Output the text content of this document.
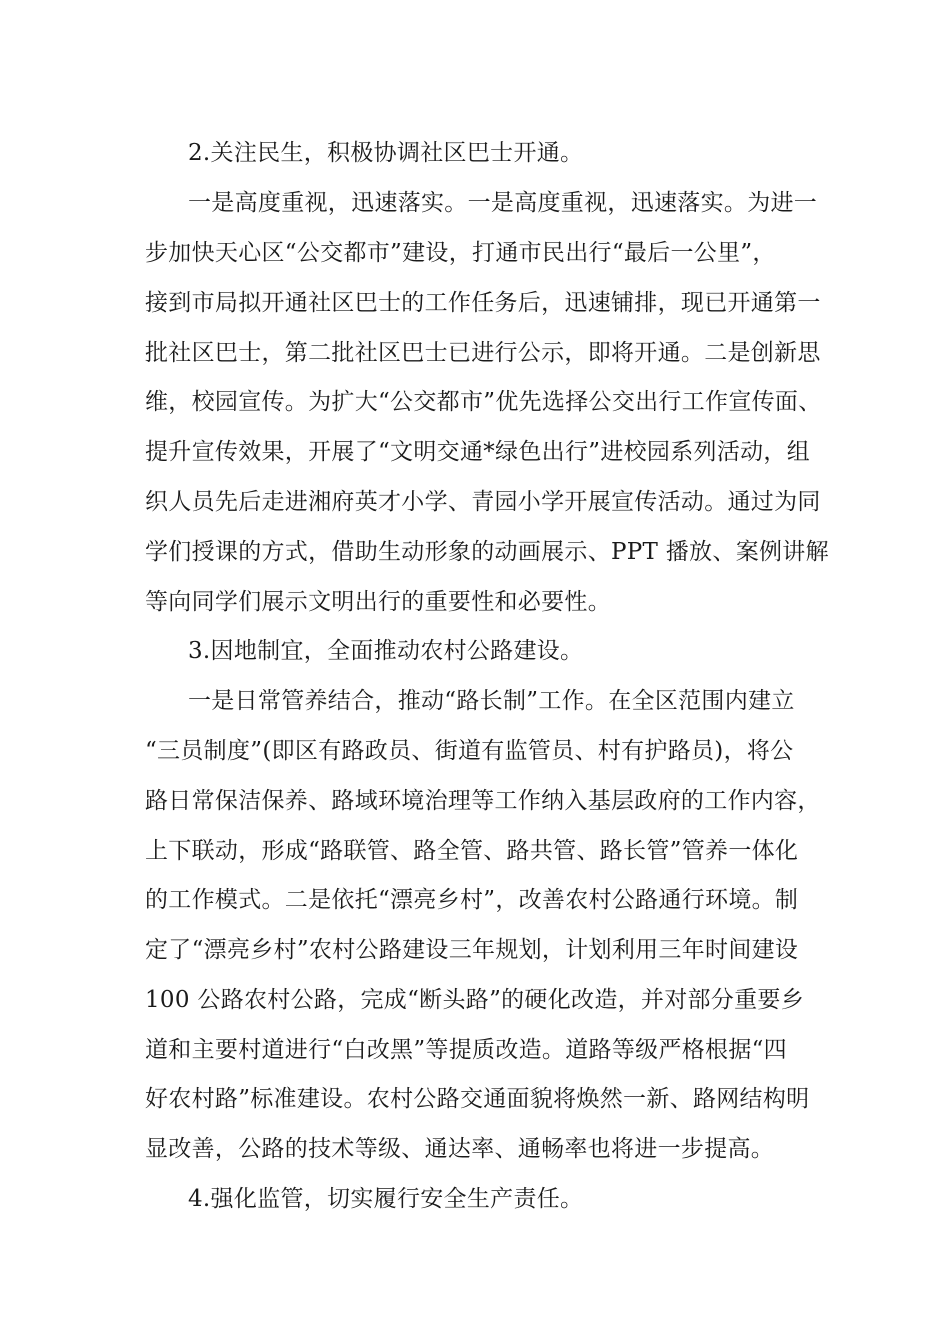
2.关注民生，积极协调社区巴士开通。

一是高度重视，迅速落实。一是高度重视，迅速落实。为进一

步加快天心区“公交都市”建设，打通市民出行“最后一公里”，

接到市局拟开通社区巴士的工作任务后，迅速铺排，现已开通第一

批社区巴士，第二批社区巴士已进行公示，即将开通。二是创新思

维，校园宣传。为扩大“公交都市”优先选择公交出行工作宣传面、

提升宣传效果，开展了“文明交通*绿色出行”进校园系列活动，组

织人员先后走进湘府英才小学、青园小学开展宣传活动。通过为同

学们授课的方式，借助生动形象的动画展示、PPT 播放、案例讲解

等向同学们展示文明出行的重要性和必要性。

3.因地制宜，全面推动农村公路建设。

一是日常管养结合，推动“路长制”工作。在全区范围内建立

“三员制度”(即区有路政员、街道有监管员、村有护路员)，将公

路日常保洁保养、路域环境治理等工作纳入基层政府的工作内容，

上下联动，形成“路联管、路全管、路共管、路长管”管养一体化

的工作模式。二是依托“漂亮乡村”，改善农村公路通行环境。制

定了“漂亮乡村”农村公路建设三年规划，计划利用三年时间建设

100 公路农村公路，完成“断头路”的硬化改造，并对部分重要乡

道和主要村道进行“白改黑”等提质改造。道路等级严格根据“四

好农村路”标准建设。农村公路交通面貌将焕然一新、路网结构明

显改善，公路的技术等级、通达率、通畅率也将进一步提高。

4.强化监管，切实履行安全生产责任。
